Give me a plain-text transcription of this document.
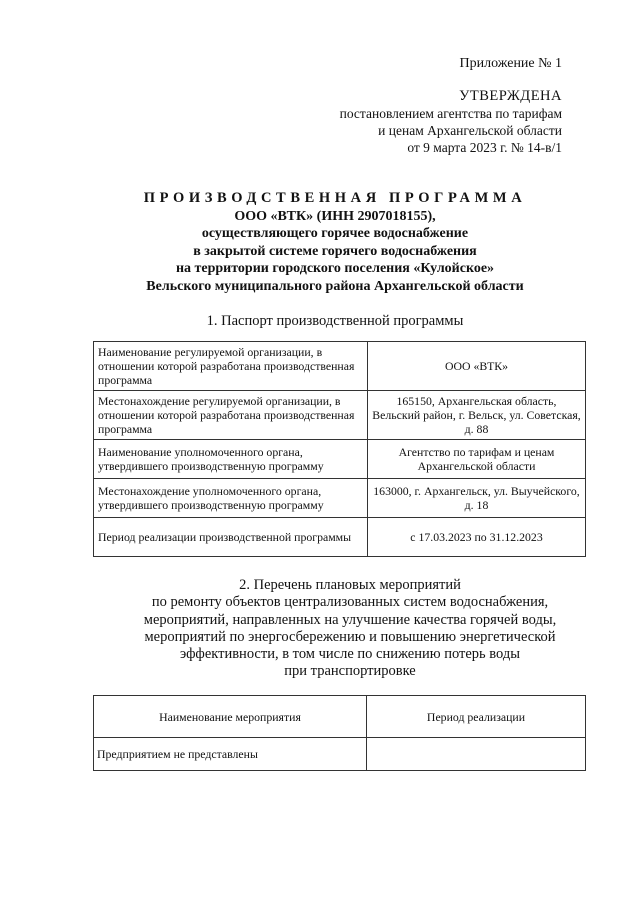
Приложение № 1
УТВЕРЖДЕНА
постановлением агентства по тарифам
и ценам Архангельской области
от 9 марта 2023 г. № 14-в/1
ПРОИЗВОДСТВЕННАЯ ПРОГРАММА
ООО «ВТК» (ИНН 2907018155),
осуществляющего горячее водоснабжение
в закрытой системе горячего водоснабжения
на территории городского поселения «Кулойское»
Вельского муниципального района Архангельской области
1. Паспорт производственной программы
Наименование регулируемой организации, в отношении которой разработана производственная программа	ООО «ВТК»
Местонахождение регулируемой организации, в отношении которой разработана производственная программа	165150, Архангельская область, Вельский район, г. Вельск, ул. Советская, д. 88
Наименование уполномоченного органа, утвердившего производственную программу	Агентство по тарифам и ценам Архангельской области
Местонахождение уполномоченного органа, утвердившего производственную программу	163000, г. Архангельск, ул. Выучейского, д. 18
Период реализации производственной программы	с 17.03.2023 по 31.12.2023
2. Перечень плановых мероприятий
по ремонту объектов централизованных систем водоснабжения,
мероприятий, направленных на улучшение качества горячей воды,
мероприятий по энергосбережению и повышению энергетической
эффективности, в том числе по снижению потерь воды
при транспортировке
Наименование мероприятия	Период реализации
Предприятием не представлены	
